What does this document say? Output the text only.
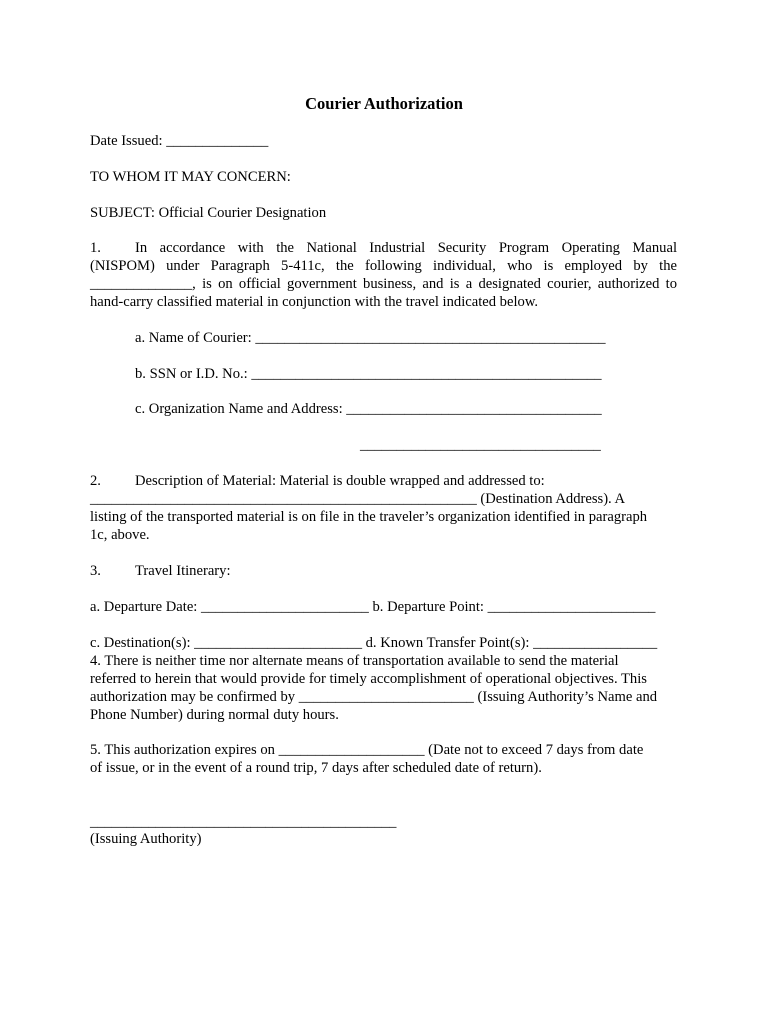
Courier Authorization
Date Issued: ______________
TO WHOM IT MAY CONCERN:
SUBJECT: Official Courier Designation
1. In accordance with the National Industrial Security Program Operating Manual
(NISPOM) under Paragraph 5-411c, the following individual, who is employed by the
______________, is on official government business, and is a designated courier, authorized to
hand-carry classified material in conjunction with the travel indicated below.
a. Name of Courier: ________________________________________________
b. SSN or I.D. No.: ________________________________________________
c. Organization Name and Address: ___________________________________
_________________________________
2. Description of Material: Material is double wrapped and addressed to:
_____________________________________________________ (Destination Address). A
listing of the transported material is on file in the traveler’s organization identified in paragraph
1c, above.
3. Travel Itinerary:
a. Departure Date: _______________________ b. Departure Point: _______________________
c. Destination(s): _______________________ d. Known Transfer Point(s): _________________
4. There is neither time nor alternate means of transportation available to send the material
referred to herein that would provide for timely accomplishment of operational objectives. This
authorization may be confirmed by ________________________ (Issuing Authority’s Name and
Phone Number) during normal duty hours.
5. This authorization expires on ____________________ (Date not to exceed 7 days from date
of issue, or in the event of a round trip, 7 days after scheduled date of return).
__________________________________________
(Issuing Authority)
